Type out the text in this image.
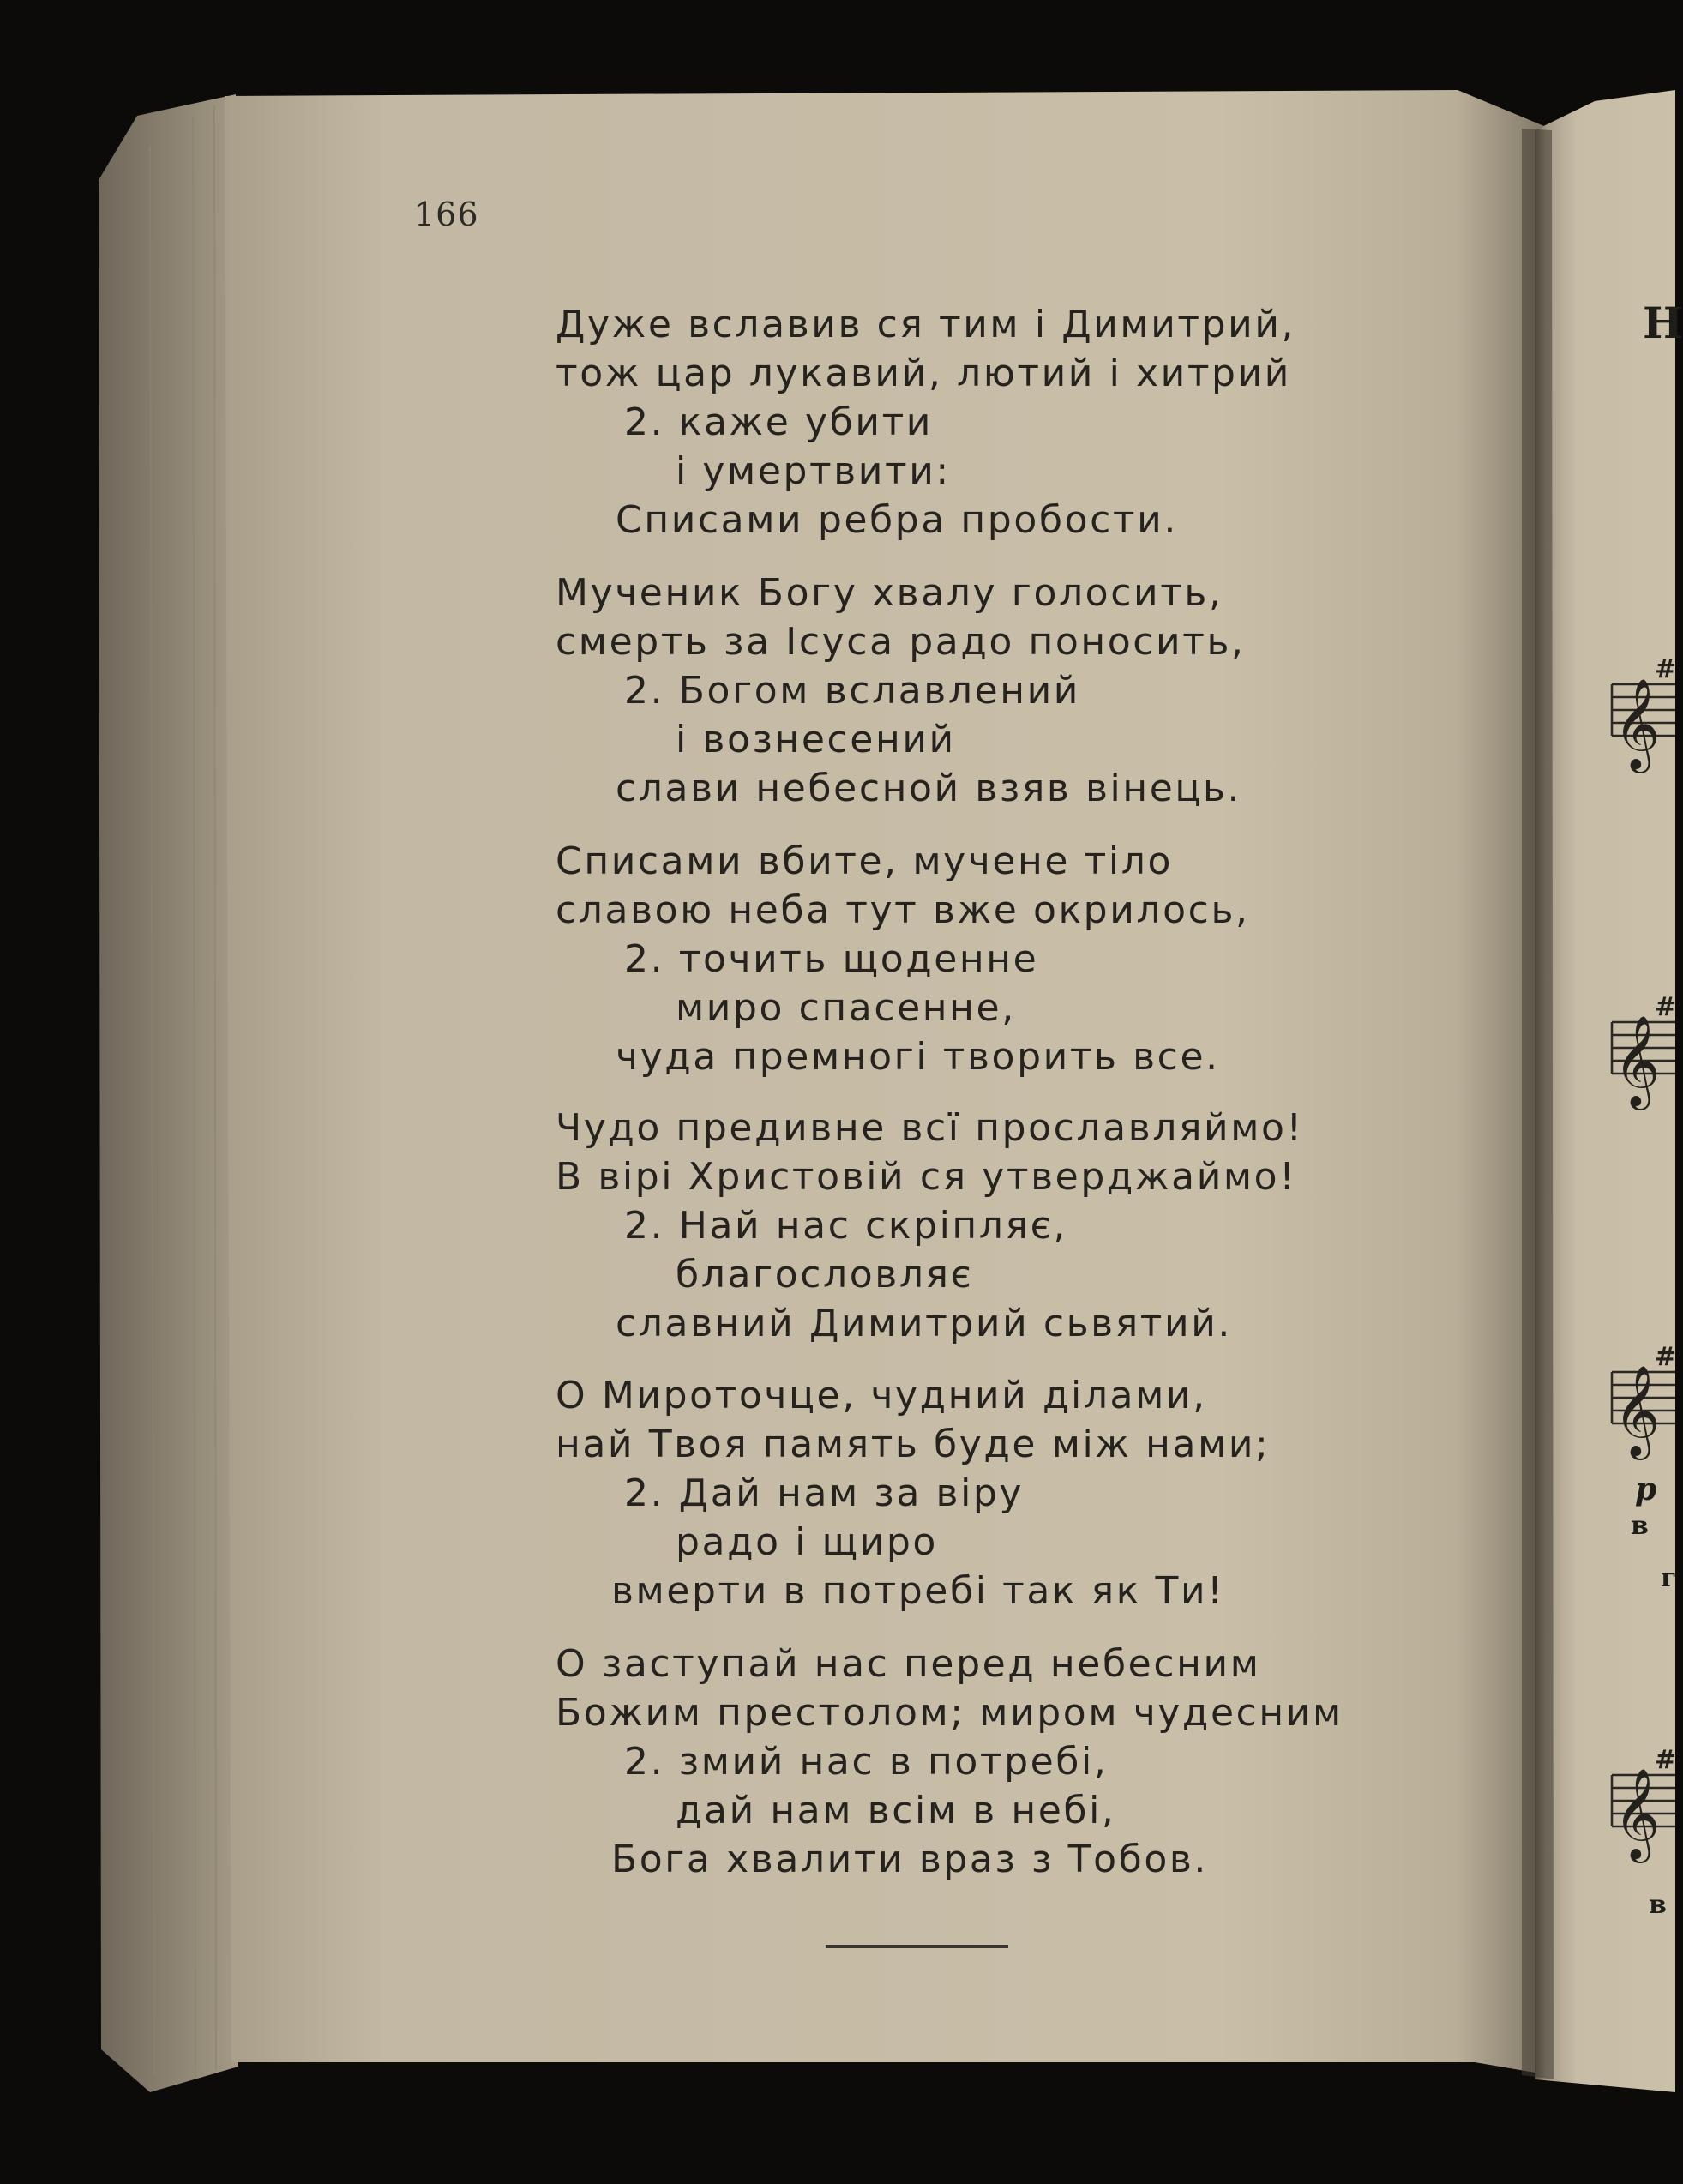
𝄞
𝄞
𝄞
𝄞
#
#
#
#
166
Дуже вславив ся тим і Димитрий,
тож цар лукавий, лютий і хитрий
2. каже убити
і умертвити:
Списами ребра пробости.
Мученик Богу хвалу голосить,
смерть за Ісуса радо поносить,
2. Богом вславлений
і вознесений
слави небесной взяв вінець.
Списами вбите, мучене тіло
славою неба тут вже окрилось,
2. точить щоденне
миро спасенне,
чуда премногі творить все.
Чудо предивне всї прославляймо!
В вірі Христовій ся утверджаймо!
2. Най нас скріпляє,
благословляє
славний Димитрий сьвятий.
О Мироточце, чудний ділами,
най Твоя память буде між нами;
2. Дай нам за віру
радо і щиро
вмерти в потребі так як Ти!
О заступай нас перед небесним
Божим престолом; миром чудесним
2. змий нас в потребі,
дай нам всім в небі,
Бога хвалити враз з Тобов.
Н
p
в
г
в
